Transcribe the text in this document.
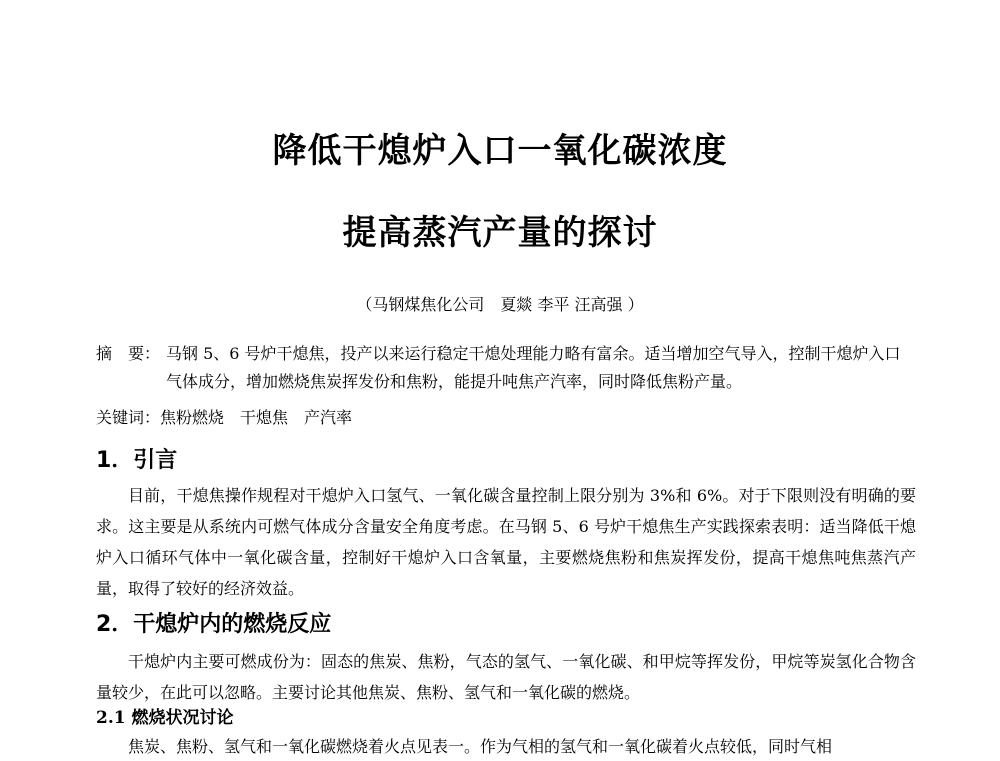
降低干熄炉入口一氧化碳浓度
提高蒸汽产量的探讨
（马钢煤焦化公司　夏燚 李平 汪高强 ）
摘　要： 马钢 5、6 号炉干熄焦，投产以来运行稳定干熄处理能力略有富余。适当增加空气导入，控制干熄炉入口气体成分，增加燃烧焦炭挥发份和焦粉，能提升吨焦产汽率，同时降低焦粉产量。
关键词：焦粉燃烧　干熄焦　产汽率
1．引言
目前，干熄焦操作规程对干熄炉入口氢气、一氧化碳含量控制上限分别为 3%和 6%。对于下限则没有明确的要求。这主要是从系统内可燃气体成分含量安全角度考虑。在马钢 5、6 号炉干熄焦生产实践探索表明：适当降低干熄炉入口循环气体中一氧化碳含量，控制好干熄炉入口含氧量，主要燃烧焦粉和焦炭挥发份，提高干熄焦吨焦蒸汽产量，取得了较好的经济效益。
2．干熄炉内的燃烧反应
干熄炉内主要可燃成份为：固态的焦炭、焦粉，气态的氢气、一氧化碳、和甲烷等挥发份，甲烷等炭氢化合物含量较少，在此可以忽略。主要讨论其他焦炭、焦粉、氢气和一氧化碳的燃烧。
2.1 燃烧状况讨论
焦炭、焦粉、氢气和一氧化碳燃烧着火点见表一。作为气相的氢气和一氧化碳着火点较低，同时气相
